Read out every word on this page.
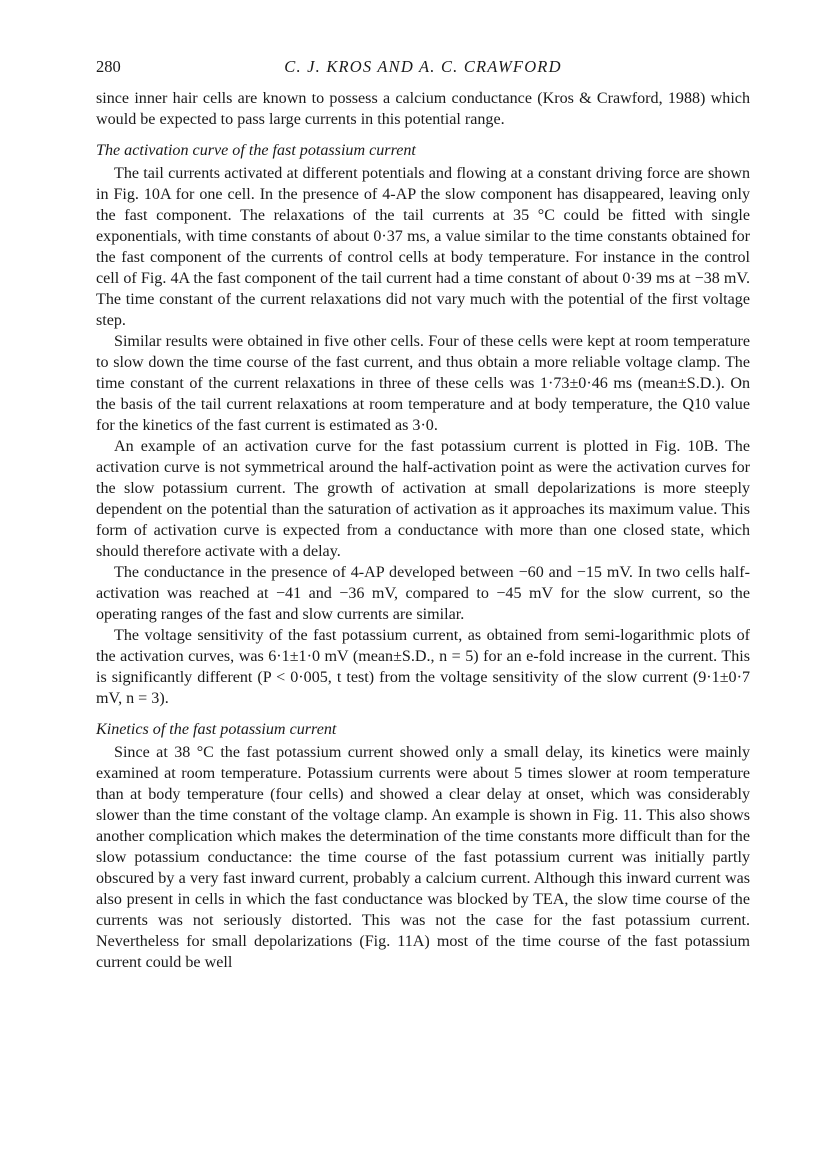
280	C. J. KROS AND A. C. CRAWFORD

since inner hair cells are known to possess a calcium conductance (Kros & Crawford, 1988) which would be expected to pass large currents in this potential range.

The activation curve of the fast potassium current

The tail currents activated at different potentials and flowing at a constant driving force are shown in Fig. 10A for one cell. In the presence of 4-AP the slow component has disappeared, leaving only the fast component. The relaxations of the tail currents at 35 °C could be fitted with single exponentials, with time constants of about 0·37 ms, a value similar to the time constants obtained for the fast component of the currents of control cells at body temperature. For instance in the control cell of Fig. 4A the fast component of the tail current had a time constant of about 0·39 ms at −38 mV. The time constant of the current relaxations did not vary much with the potential of the first voltage step.

Similar results were obtained in five other cells. Four of these cells were kept at room temperature to slow down the time course of the fast current, and thus obtain a more reliable voltage clamp. The time constant of the current relaxations in three of these cells was 1·73±0·46 ms (mean±S.D.). On the basis of the tail current relaxations at room temperature and at body temperature, the Q10 value for the kinetics of the fast current is estimated as 3·0.

An example of an activation curve for the fast potassium current is plotted in Fig. 10B. The activation curve is not symmetrical around the half-activation point as were the activation curves for the slow potassium current. The growth of activation at small depolarizations is more steeply dependent on the potential than the saturation of activation as it approaches its maximum value. This form of activation curve is expected from a conductance with more than one closed state, which should therefore activate with a delay.

The conductance in the presence of 4-AP developed between −60 and −15 mV. In two cells half-activation was reached at −41 and −36 mV, compared to −45 mV for the slow current, so the operating ranges of the fast and slow currents are similar.

The voltage sensitivity of the fast potassium current, as obtained from semi-logarithmic plots of the activation curves, was 6·1±1·0 mV (mean±S.D., n = 5) for an e-fold increase in the current. This is significantly different (P < 0·005, t test) from the voltage sensitivity of the slow current (9·1±0·7 mV, n = 3).

Kinetics of the fast potassium current

Since at 38 °C the fast potassium current showed only a small delay, its kinetics were mainly examined at room temperature. Potassium currents were about 5 times slower at room temperature than at body temperature (four cells) and showed a clear delay at onset, which was considerably slower than the time constant of the voltage clamp. An example is shown in Fig. 11. This also shows another complication which makes the determination of the time constants more difficult than for the slow potassium conductance: the time course of the fast potassium current was initially partly obscured by a very fast inward current, probably a calcium current. Although this inward current was also present in cells in which the fast conductance was blocked by TEA, the slow time course of the currents was not seriously distorted. This was not the case for the fast potassium current. Nevertheless for small depolarizations (Fig. 11A) most of the time course of the fast potassium current could be well
